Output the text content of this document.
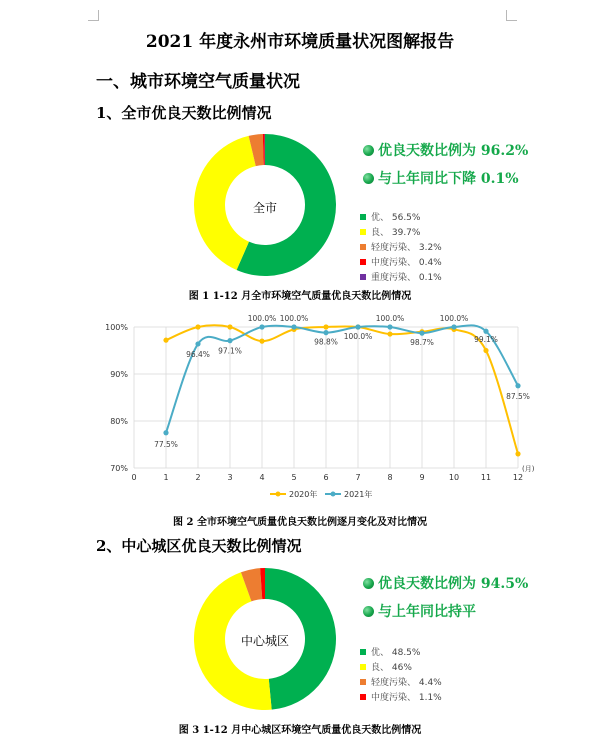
2021 年度永州市环境质量状况图解报告
一、城市环境空气质量状况
1、全市优良天数比例情况
全市
优良天数比例为 96.2%
与上年同比下降 0.1%
优、 56.5%
良、 39.7%
轻度污染、 3.2%
中度污染、 0.4%
重度污染、 0.1%
图 1 1-12 月全市环境空气质量优良天数比例情况
0	1	2	3	4	5	6	7	8	9	10	11	12
70%
80%
90%
100%
(月)
77.5%
96.4% 97.1%
100.0% 100.0%
98.8%
100.0%
100.0%
98.7%
100.0%
99.1%
87.5%
2020年	2021年
图 2 全市环境空气质量优良天数比例逐月变化及对比情况
2、中心城区优良天数比例情况
中心城区
优良天数比例为 94.5%
与上年同比持平
优、 48.5%
良、 46%
轻度污染、 4.4%
中度污染、 1.1%
图 3 1-12 月中心城区环境空气质量优良天数比例情况
